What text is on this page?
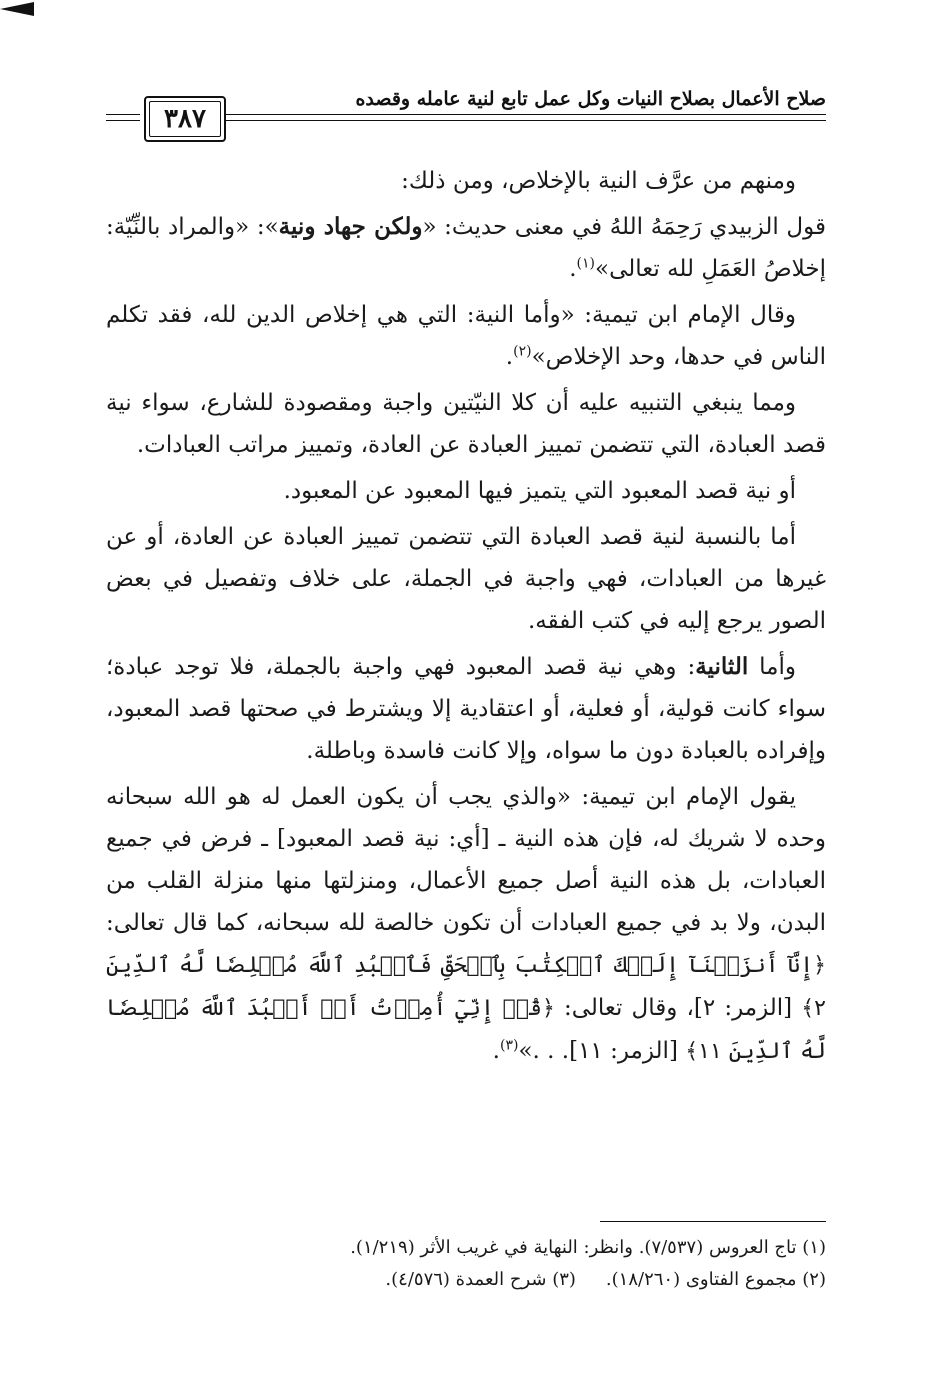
صلاح الأعمال بصلاح النيات وكل عمل تابع لنية عامله وقصده
٣٨٧

ومنهم من عرَّف النية بالإخلاص، ومن ذلك:

قول الزبيدي رَحِمَهُ اللهُ في معنى حديث: «ولكن جهاد ونية»: «والمراد بالنِّيّة: إخلاصُ العَمَلِ لله تعالى»$^{(١)}$.

وقال الإمام ابن تيمية: «وأما النية: التي هي إخلاص الدين لله، فقد تكلم الناس في حدها، وحد الإخلاص»$^{(٢)}$.

ومما ينبغي التنبيه عليه أن كلا النيّتين واجبة ومقصودة للشارع، سواء نية قصد العبادة، التي تتضمن تمييز العبادة عن العادة، وتمييز مراتب العبادات.

أو نية قصد المعبود التي يتميز فيها المعبود عن المعبود.

أما بالنسبة لنية قصد العبادة التي تتضمن تمييز العبادة عن العادة، أو عن غيرها من العبادات، فهي واجبة في الجملة، على خلاف وتفصيل في بعض الصور يرجع إليه في كتب الفقه.

وأما الثانية: وهي نية قصد المعبود فهي واجبة بالجملة، فلا توجد عبادة؛ سواء كانت قولية، أو فعلية، أو اعتقادية إلا ويشترط في صحتها قصد المعبود، وإفراده بالعبادة دون ما سواه، وإلا كانت فاسدة وباطلة.

يقول الإمام ابن تيمية: «والذي يجب أن يكون العمل له هو الله سبحانه وحده لا شريك له، فإن هذه النية ـ [أي: نية قصد المعبود] ـ فرض في جميع العبادات، بل هذه النية أصل جميع الأعمال، ومنزلتها منها منزلة القلب من البدن، ولا بد في جميع العبادات أن تكون خالصة لله سبحانه، كما قال تعالى: ﴿إِنَّآ أَنزَلۡنَآ إِلَيۡكَ ٱلۡكِتَٰبَ بِٱلۡحَقِّ فَٱعۡبُدِ ٱللَّهَ مُخۡلِصٗا لَّهُ ٱلدِّينَ ٢﴾ [الزمر: ٢]، وقال تعالى: ﴿قُلۡ إِنِّيٓ أُمِرۡتُ أَنۡ أَعۡبُدَ ٱللَّهَ مُخۡلِصٗا لَّهُ ٱلدِّينَ ١١﴾ [الزمر: ١١]. . .»$^{(٣)}$.

(١) تاج العروس (٧/٥٣٧). وانظر: النهاية في غريب الأثر (١/٢١٩).
(٢) مجموع الفتاوى (١٨/٢٦٠).(٣) شرح العمدة (٤/٥٧٦).
